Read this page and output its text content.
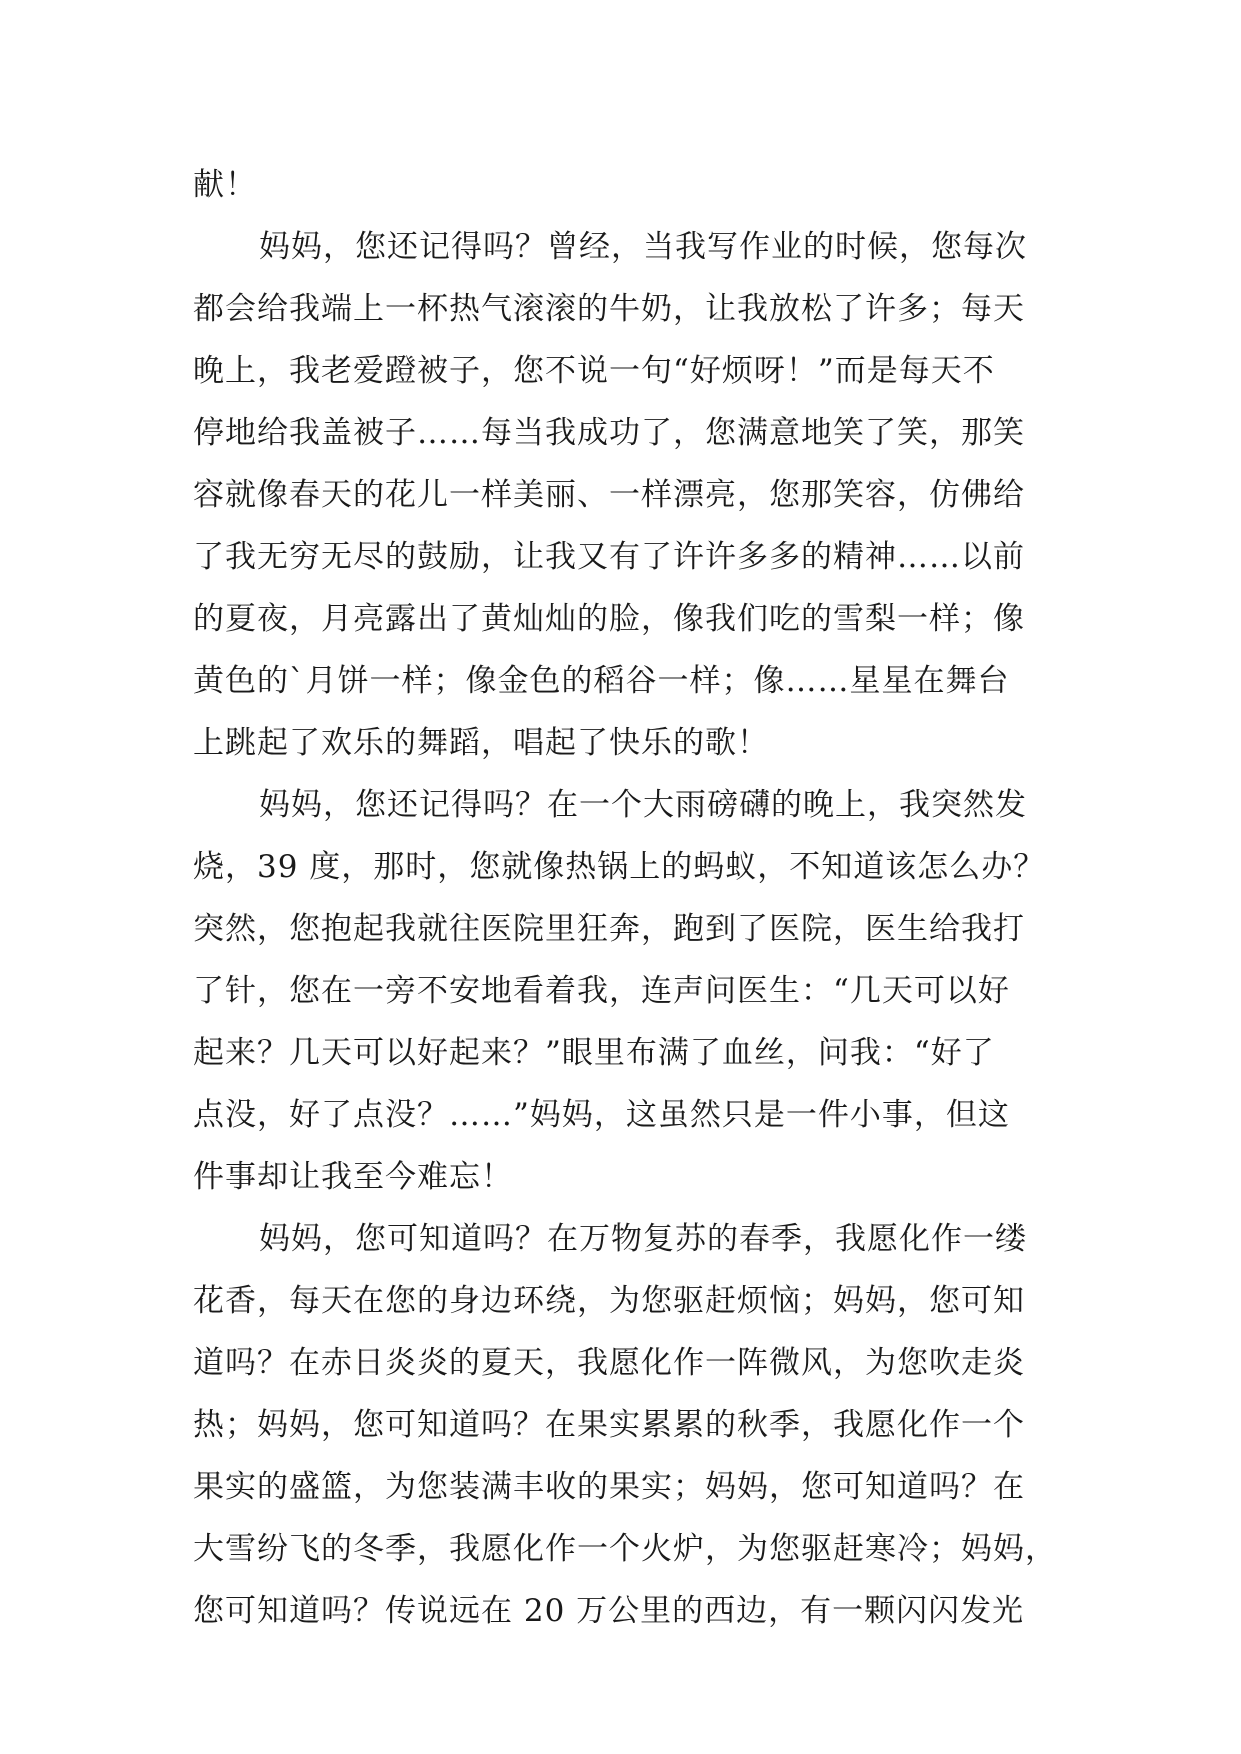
献！
妈妈，您还记得吗？曾经，当我写作业的时候，您每次
都会给我端上一杯热气滚滚的牛奶，让我放松了许多；每天
晚上，我老爱蹬被子，您不说一句“好烦呀！”而是每天不
停地给我盖被子……每当我成功了，您满意地笑了笑，那笑
容就像春天的花儿一样美丽、一样漂亮，您那笑容，仿佛给
了我无穷无尽的鼓励，让我又有了许许多多的精神……以前
的夏夜，月亮露出了黄灿灿的脸，像我们吃的雪梨一样；像
黄色的`月饼一样；像金色的稻谷一样；像……星星在舞台
上跳起了欢乐的舞蹈，唱起了快乐的歌！
妈妈，您还记得吗？在一个大雨磅礴的晚上，我突然发
烧，39 度，那时，您就像热锅上的蚂蚁，不知道该怎么办？
突然，您抱起我就往医院里狂奔，跑到了医院，医生给我打
了针，您在一旁不安地看着我，连声问医生：“几天可以好
起来？几天可以好起来？”眼里布满了血丝，问我：“好了
点没，好了点没？……”妈妈，这虽然只是一件小事，但这
件事却让我至今难忘！
妈妈，您可知道吗？在万物复苏的春季，我愿化作一缕
花香，每天在您的身边环绕，为您驱赶烦恼；妈妈，您可知
道吗？在赤日炎炎的夏天，我愿化作一阵微风，为您吹走炎
热；妈妈，您可知道吗？在果实累累的秋季，我愿化作一个
果实的盛篮，为您装满丰收的果实；妈妈，您可知道吗？在
大雪纷飞的冬季，我愿化作一个火炉，为您驱赶寒冷；妈妈，
您可知道吗？传说远在 20 万公里的西边，有一颗闪闪发光
